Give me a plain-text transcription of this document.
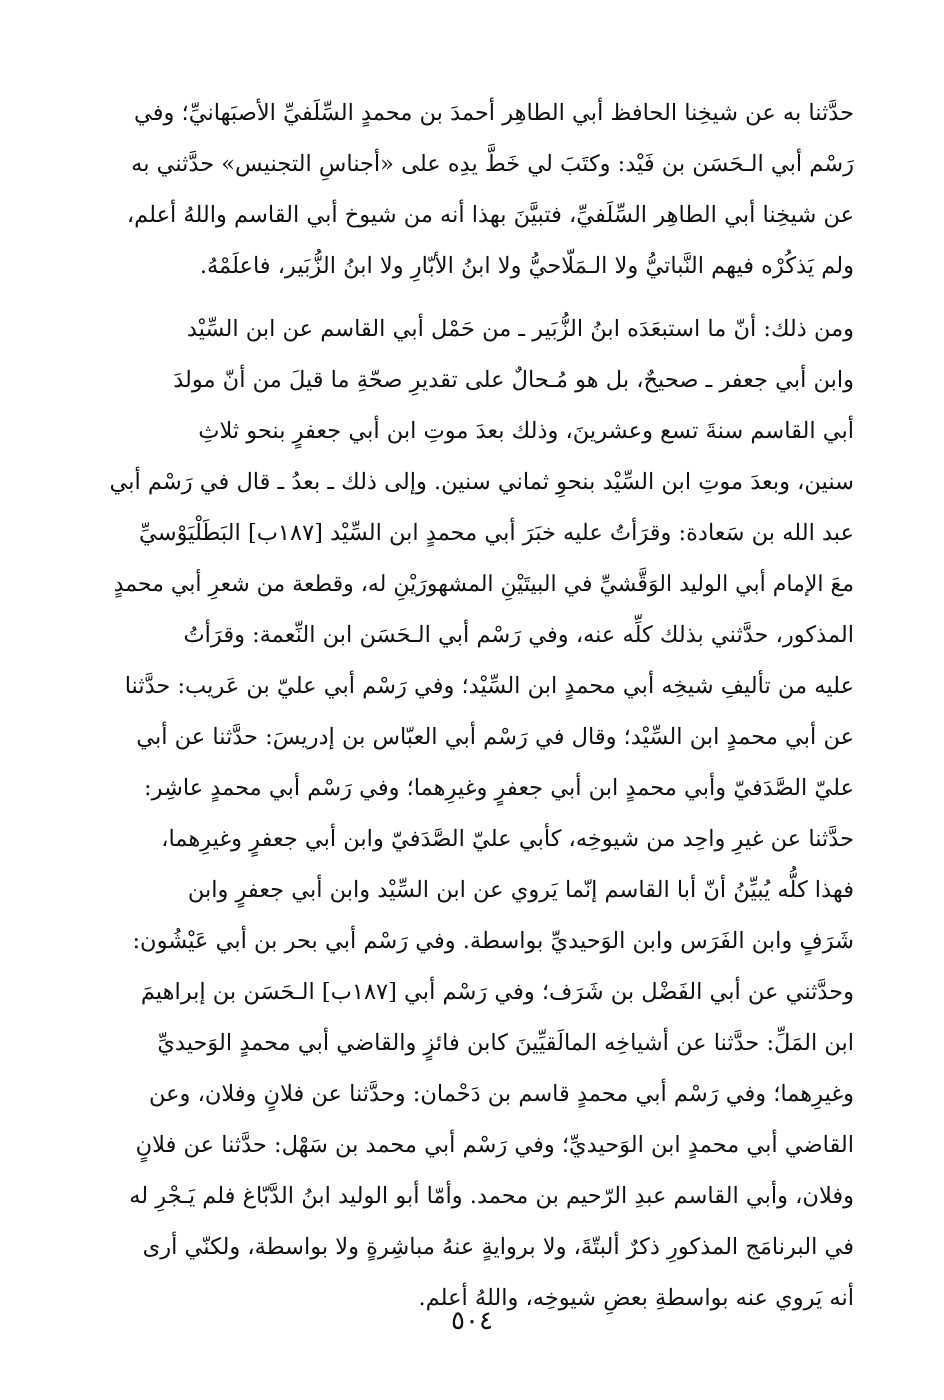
حدَّثنا به عن شيخِنا الحافظ أبي الطاهِر أحمدَ بن محمدٍ السِّلَفيِّ الأصبَهانيِّ؛ وفي
رَسْم أبي الـحَسَن بن فَيْد: وكتَبَ لي خَطَّ يدِه على «أجناسِ التجنيس» حدَّثني به
عن شيخِنا أبي الطاهِر السِّلَفيِّ، فتبيَّنَ بهذا أنه من شيوخ أبي القاسم واللهُ أعلم،
ولم يَذكُرْه فيهم النَّباتيُّ ولا الـمَلّاحيُّ ولا ابنُ الأبّارِ ولا ابنُ الزُّبَير، فاعلَمْهُ.
ومن ذلك: أنّ ما استبعَدَه ابنُ الزُّبَير ـ من حَمْل أبي القاسم عن ابن السِّيْد
وابن أبي جعفر ـ صحيحٌ، بل هو مُـحالٌ على تقديرِ صحّةِ ما قيلَ من أنّ مولدَ
أبي القاسم سنةَ تسع وعشرينَ، وذلك بعدَ موتِ ابن أبي جعفرٍ بنحو ثلاثِ
سنين، وبعدَ موتِ ابن السِّيْد بنحوِ ثماني سنين. وإلى ذلك ـ بعدُ ـ قال في رَسْم أبي
عبد الله بن سَعادة: وقرَأتُ عليه خبَرَ أبي محمدٍ ابن السِّيْد [١٨٧ب] البَطَلْيَوْسيِّ
معَ الإمام أبي الوليد الوَقَّشيِّ في البيتَيْنِ المشهورَيْنِ له، وقطعة من شعرِ أبي محمدٍ
المذكور، حدَّثني بذلك كلِّه عنه، وفي رَسْم أبي الـحَسَن ابن النِّعمة: وقرَأتُ
عليه من تأليفِ شيخِه أبي محمدٍ ابن السِّيْد؛ وفي رَسْم أبي عليّ بن عَريب: حدَّثنا
عن أبي محمدٍ ابن السِّيْد؛ وقال في رَسْم أبي العبّاس بن إدريسَ: حدَّثنا عن أبي
عليّ الصَّدَفيّ وأبي محمدٍ ابن أبي جعفرٍ وغيرِهما؛ وفي رَسْم أبي محمدٍ عاشِر:
حدَّثنا عن غيرِ واحِد من شيوخِه، كأبي عليّ الصَّدَفيّ وابن أبي جعفرٍ وغيرِهما،
فهذا كلُّه يُبيِّنُ أنّ أبا القاسم إنّما يَروي عن ابن السِّيْد وابن أبي جعفرٍ وابن
شَرَفٍ وابن الفَرَس وابن الوَحيديِّ بواسطة. وفي رَسْم أبي بحر بن أبي عَيْشُون:
وحدَّثني عن أبي الفَضْل بن شَرَف؛ وفي رَسْم أبي [١٨٧ب] الـحَسَن بن إبراهيمَ
ابن المَلِّ: حدَّثنا عن أشياخِه المالَقيِّينَ كابن فائزٍ والقاضي أبي محمدٍ الوَحيديِّ
وغيرِهما؛ وفي رَسْم أبي محمدٍ قاسم بن دَحْمان: وحدَّثنا عن فلانٍ وفلان، وعن
القاضي أبي محمدٍ ابن الوَحيديِّ؛ وفي رَسْم أبي محمد بن سَهْل: حدَّثنا عن فلانٍ
وفلان، وأبي القاسم عبدِ الرّحيم بن محمد. وأمّا أبو الوليد ابنُ الدَّبّاغ فلم يَـجْرِ له
في البرنامَج المذكورِ ذكرٌ ألبتّةَ، ولا بروايةٍ عنهُ مباشِرةٍ ولا بواسطة، ولكنّي أرى
أنه يَروي عنه بواسطةِ بعضِ شيوخِه، واللهُ أعلم.
٥٠٤
